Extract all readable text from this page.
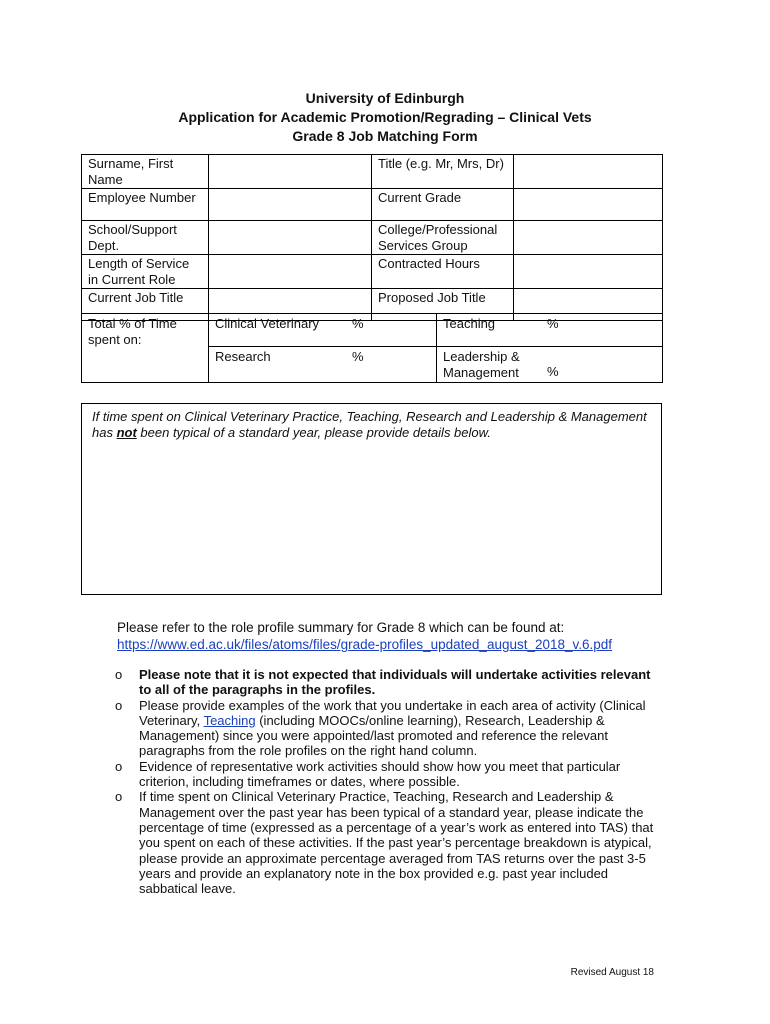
University of Edinburgh
Application for Academic Promotion/Regrading – Clinical Vets
Grade 8 Job Matching Form
Surname, First Name		Title (e.g. Mr, Mrs, Dr)	
Employee Number		Current Grade	
School/Support Dept.		College/Professional Services Group	
Length of Service in Current Role		Contracted Hours	
Current Job Title		Proposed Job Title	
Total % of Time spent on:	Clinical Veterinary %	Teaching %

	Research %	Leadership & Management %

If time spent on Clinical Veterinary Practice, Teaching, Research and Leadership & Management has not been typical of a standard year, please provide details below.

Please refer to the role profile summary for Grade 8 which can be found at:
https://www.ed.ac.uk/files/atoms/files/grade-profiles_updated_august_2018_v.6.pdf

o Please note that it is not expected that individuals will undertake activities relevant to all of the paragraphs in the profiles.

o Please provide examples of the work that you undertake in each area of activity (Clinical Veterinary, Teaching (including MOOCs/online learning), Research, Leadership & Management) since you were appointed/last promoted and reference the relevant paragraphs from the role profiles on the right hand column.

o Evidence of representative work activities should show how you meet that particular criterion, including timeframes or dates, where possible.

o If time spent on Clinical Veterinary Practice, Teaching, Research and Leadership & Management over the past year has been typical of a standard year, please indicate the percentage of time (expressed as a percentage of a year’s work as entered into TAS) that you spent on each of these activities. If the past year’s percentage breakdown is atypical, please provide an approximate percentage averaged from TAS returns over the past 3-5 years and provide an explanatory note in the box provided e.g. past year included sabbatical leave.

Revised August 18
